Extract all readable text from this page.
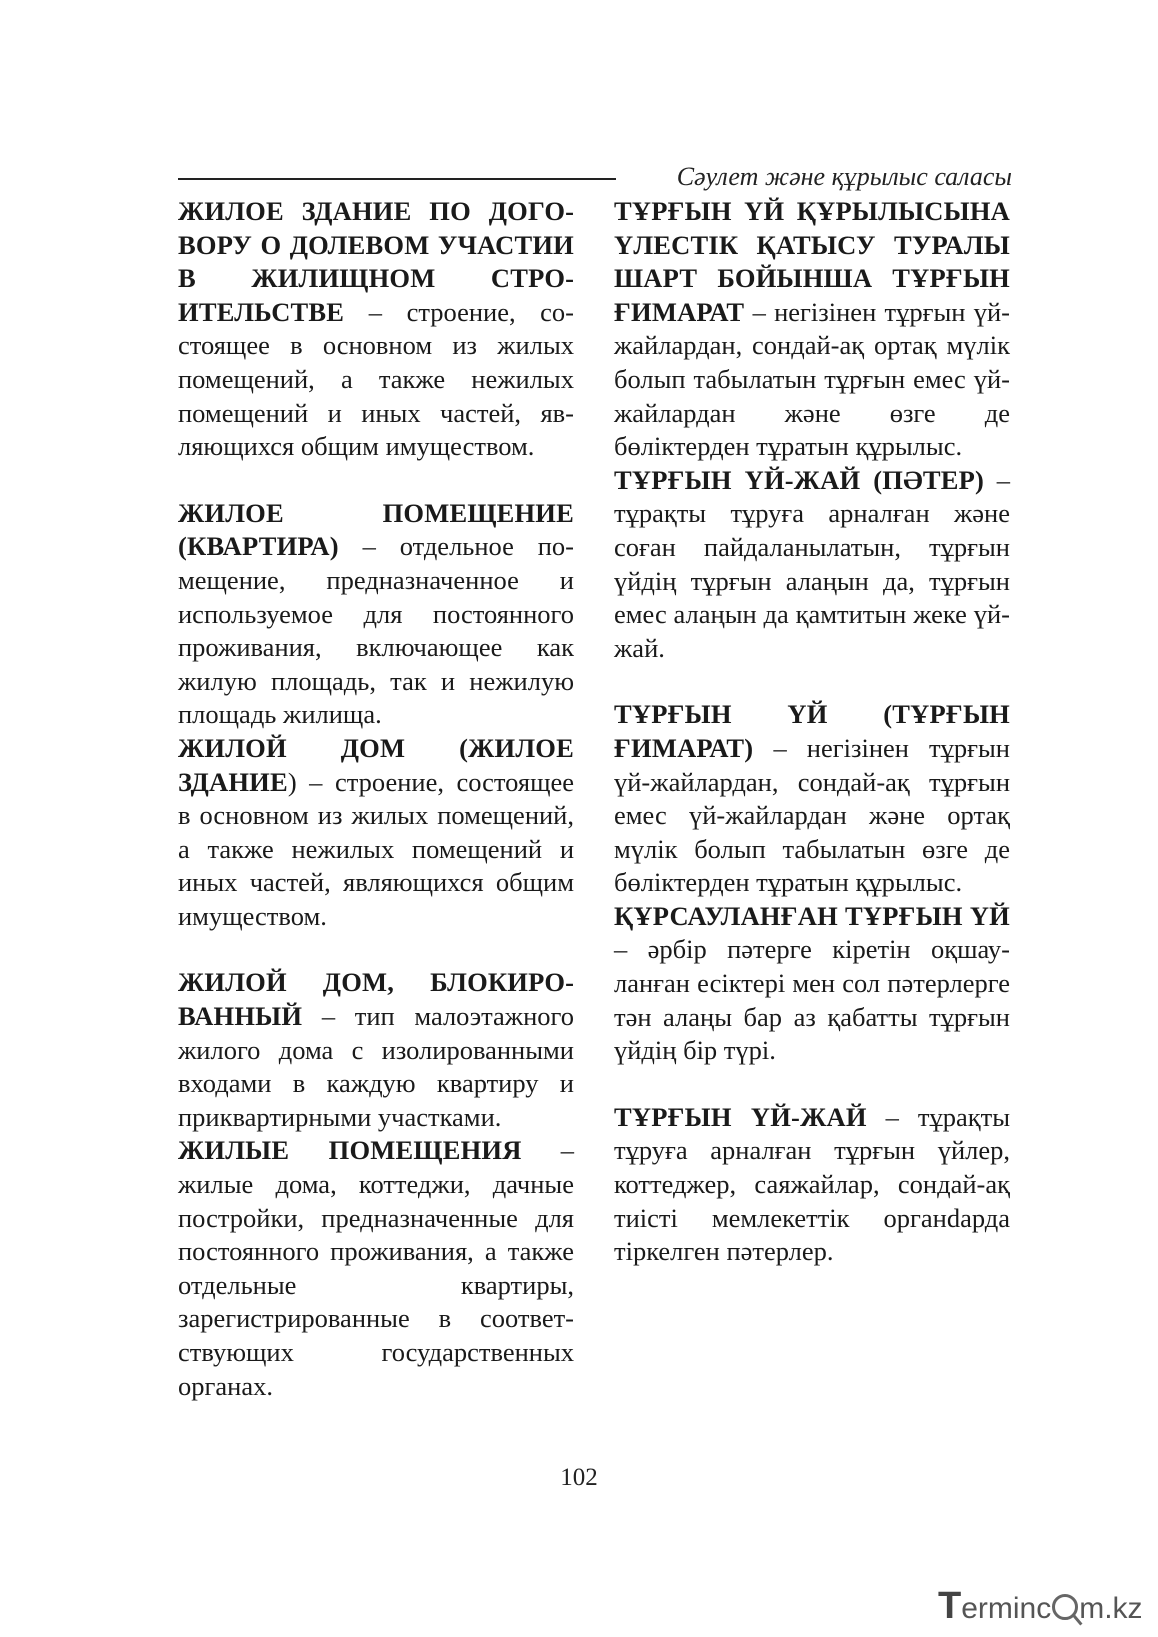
Сәулет және құрылыс саласы

ЖИЛОЕ ЗДАНИЕ ПО ДОГОВОРУ О ДОЛЕВОМ УЧАСТИИ В ЖИЛИЩНОМ СТРОИТЕЛЬСТВЕ – строение, состоящее в основном из жилых помещений, а также нежилых помещений и иных частей, являющихся общим имуществом.

ЖИЛОЕ ПОМЕЩЕНИЕ (КВАРТИРА) – отдельное помещение, предназначенное и используемое для постоянного проживания, включающее как жилую площадь, так и нежилую площадь жилища.

ЖИЛОЙ ДОМ (ЖИЛОЕ ЗДАНИЕ) – строение, состоящее в основном из жилых помещений, а также нежилых помещений и иных частей, являющихся общим имуществом.

ЖИЛОЙ ДОМ, БЛОКИРОВАННЫЙ – тип малоэтажного жилого дома с изолированными входами в каждую квартиру и приквартирными участками.

ЖИЛЫЕ ПОМЕЩЕНИЯ – жилые дома, коттеджи, дачные постройки, предназначенные для постоянного проживания, а также отдельные квартиры, зарегистрированные в соответствующих государственных органах.

ТҰРҒЫН ҮЙ ҚҰРЫЛЫСЫНА ҮЛЕСТІК ҚАТЫСУ ТУРАЛЫ ШАРТ БОЙЫНША ТҰРҒЫН ҒИМАРАТ – негізінен тұрғын үй-жайлардан, сондай-ақ ортақ мүлік болып табылатын тұрғын емес үй-жайлардан және өзге де бөліктерден тұратын құрылыс.

ТҰРҒЫН ҮЙ-ЖАЙ (ПӘТЕР) – тұрақты тұруға арналған және соған пайдаланылатын, тұрғын үйдің тұрғын алаңын да, тұрғын емес алаңын да қамтитын жеке үй-жай.

ТҰРҒЫН ҮЙ (ТҰРҒЫН ҒИМАРАТ) – негізінен тұрғын үй-жайлардан, сондай-ақ тұрғын емес үй-жайлардан және ортақ мүлік болып табылатын өзге де бөліктерден тұратын құрылыс.

ҚҰРСАУЛАНҒАН ТҰРҒЫН ҮЙ – әрбір пәтерге кіретін оқшауланған есіктері мен сол пәтерлерге тән алаңы бар аз қабатты тұрғын үйдің бір түрі.

ТҰРҒЫН ҮЙ-ЖАЙ – тұрақты тұруға арналған тұрғын үйлер, коттеджер, саяжайлар, сондай-ақ тиісті мемлекеттік органdарда тіркелген пәтерлер.

102
Terminc m.kz
